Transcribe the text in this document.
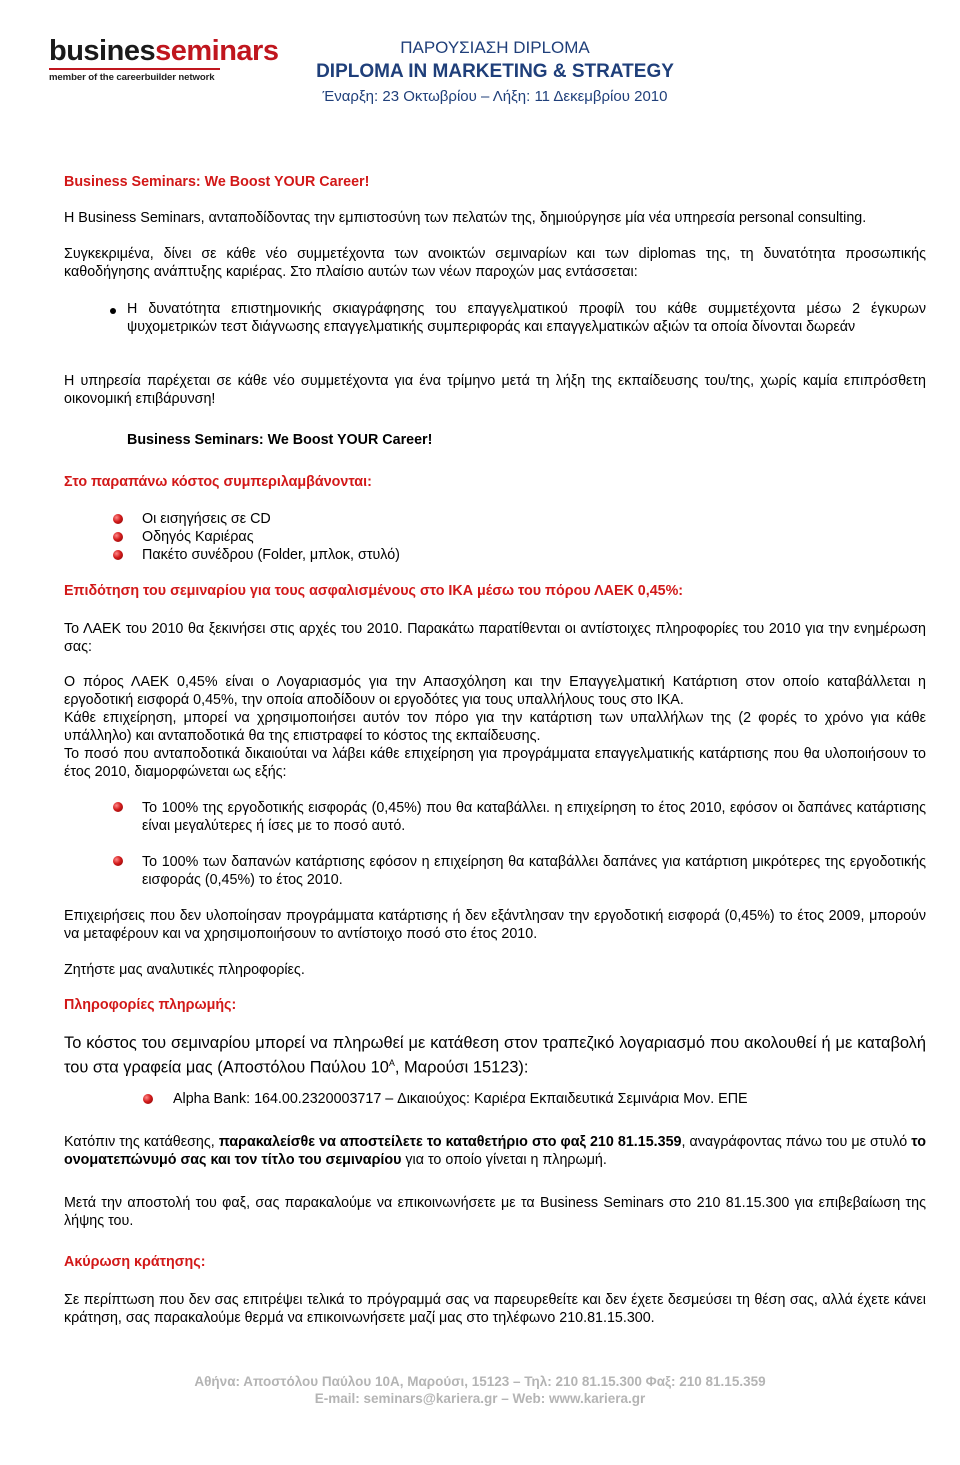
businesseminars
member of the careerbuilder network
ΠΑΡΟΥΣΙΑΣΗ DIPLOMA
DIPLOMA IN MARKETING & STRATEGY
Έναρξη: 23 Οκτωβρίου – Λήξη: 11 Δεκεμβρίου 2010
Business Seminars: We Boost YOUR Career!
H Business Seminars, ανταποδίδοντας την εμπιστοσύνη των πελατών της, δημιούργησε μία νέα υπηρεσία personal consulting.
Συγκεκριμένα, δίνει σε κάθε νέο συμμετέχοντα των ανοικτών σεμιναρίων και των diplomas της, τη δυνατότητα προσωπικής καθοδήγησης ανάπτυξης καριέρας. Στο πλαίσιο αυτών των νέων παροχών μας εντάσσεται:
Η δυνατότητα επιστημονικής σκιαγράφησης του επαγγελματικού προφίλ του κάθε συμμετέχοντα μέσω 2 έγκυρων ψυχομετρικών τεστ διάγνωσης επαγγελματικής συμπεριφοράς και επαγγελματικών αξιών τα οποία δίνονται δωρεάν
Η υπηρεσία παρέχεται σε κάθε νέο συμμετέχοντα για ένα τρίμηνο μετά τη λήξη της εκπαίδευσης του/της, χωρίς καμία επιπρόσθετη οικονομική επιβάρυνση!
Business Seminars: We Boost YOUR Career!
Στο παραπάνω κόστος συμπεριλαμβάνονται:
Οι εισηγήσεις σε CD
Οδηγός Καριέρας
Πακέτο συνέδρου (Folder, μπλοκ, στυλό)
Επιδότηση του σεμιναρίου για τους ασφαλισμένους στο ΙΚΑ μέσω του πόρου ΛΑΕΚ 0,45%:
Το ΛΑΕΚ του 2010 θα ξεκινήσει στις αρχές του 2010. Παρακάτω παρατίθενται οι αντίστοιχες πληροφορίες του 2010 για την ενημέρωση σας:
Ο πόρος ΛΑΕΚ 0,45% είναι ο Λογαριασμός για την Απασχόληση και την Επαγγελματική Κατάρτιση στον οποίο καταβάλλεται η εργοδοτική εισφορά 0,45%, την οποία αποδίδουν οι εργοδότες για τους υπαλλήλους τους στο ΙΚΑ.
Κάθε επιχείρηση, μπορεί να χρησιμοποιήσει αυτόν τον πόρο για την κατάρτιση των υπαλλήλων της (2 φορές το χρόνο για κάθε υπάλληλο) και ανταποδοτικά θα της επιστραφεί το κόστος της εκπαίδευσης.
Το ποσό που ανταποδοτικά δικαιούται να λάβει κάθε επιχείρηση για προγράμματα επαγγελματικής κατάρτισης που θα υλοποιήσουν το έτος 2010, διαμορφώνεται ως εξής:
Το 100% της εργοδοτικής εισφοράς (0,45%) που θα καταβάλλει. η επιχείρηση το έτος 2010, εφόσον οι δαπάνες κατάρτισης είναι μεγαλύτερες ή ίσες με το ποσό αυτό.
Το 100% των δαπανών κατάρτισης εφόσον η επιχείρηση θα καταβάλλει δαπάνες για κατάρτιση μικρότερες της εργοδοτικής εισφοράς (0,45%) το έτος 2010.
Επιχειρήσεις που δεν υλοποίησαν προγράμματα κατάρτισης ή δεν εξάντλησαν την εργοδοτική εισφορά (0,45%) το έτος 2009, μπορούν να μεταφέρουν και να χρησιμοποιήσουν το αντίστοιχο ποσό στο έτος 2010.
Ζητήστε μας αναλυτικές πληροφορίες.
Πληροφορίες πληρωμής:
Το κόστος του σεμιναρίου μπορεί να πληρωθεί με κατάθεση στον τραπεζικό λογαριασμό που ακολουθεί ή με καταβολή του στα γραφεία μας (Αποστόλου Παύλου $10^A$, Μαρούσι 15123):
Alpha Bank: 164.00.2320003717 – Δικαιούχος: Καριέρα Εκπαιδευτικά Σεμινάρια Μον. ΕΠΕ
Κατόπιν της κατάθεσης, παρακαλείσθε να αποστείλετε το καταθετήριο στο φαξ 210 81.15.359, αναγράφοντας πάνω του με στυλό το ονοματεπώνυμό σας και τον τίτλο του σεμιναρίου για το οποίο γίνεται η πληρωμή.
Μετά την αποστολή του φαξ, σας παρακαλούμε να επικοινωνήσετε με τα Business Seminars στο 210 81.15.300 για επιβεβαίωση της λήψης του.
Ακύρωση κράτησης:
Σε περίπτωση που δεν σας επιτρέψει τελικά το πρόγραμμά σας να παρευρεθείτε και δεν έχετε δεσμεύσει τη θέση σας, αλλά έχετε κάνει κράτηση, σας παρακαλούμε θερμά να επικοινωνήσετε μαζί μας στο τηλέφωνο 210.81.15.300.
Αθήνα: Αποστόλου Παύλου 10Α, Μαρούσι, 15123 – Τηλ: 210 81.15.300 Φαξ: 210 81.15.359
E-mail: seminars@kariera.gr – Web: www.kariera.gr
